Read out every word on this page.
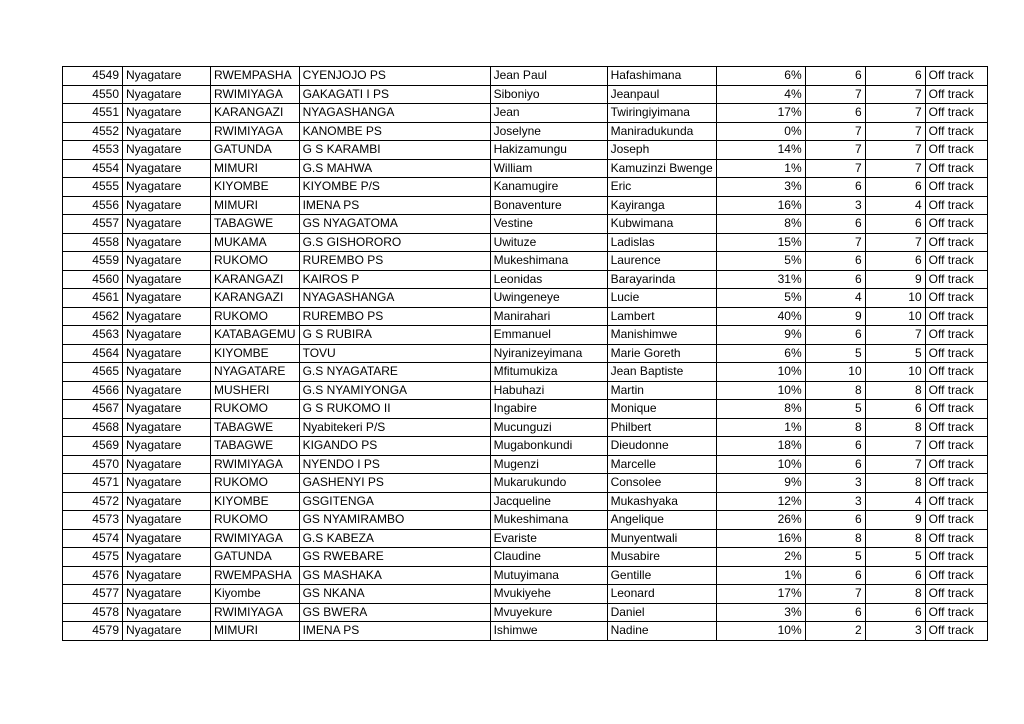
4549	Nyagatare	RWEMPASHA	CYENJOJO PS	Jean Paul	Hafashimana	6%	6	6	Off track
4550	Nyagatare	RWIMIYAGA	GAKAGATI I PS	Siboniyo	Jeanpaul	4%	7	7	Off track
4551	Nyagatare	KARANGAZI	NYAGASHANGA	Jean	Twiringiyimana	17%	6	7	Off track
4552	Nyagatare	RWIMIYAGA	KANOMBE PS	Joselyne	Maniradukunda	0%	7	7	Off track
4553	Nyagatare	GATUNDA	G S KARAMBI	Hakizamungu	Joseph	14%	7	7	Off track
4554	Nyagatare	MIMURI	G.S MAHWA	William	Kamuzinzi Bwenge	1%	7	7	Off track
4555	Nyagatare	KIYOMBE	KIYOMBE P/S	Kanamugire	Eric	3%	6	6	Off track
4556	Nyagatare	MIMURI	IMENA PS	Bonaventure	Kayiranga	16%	3	4	Off track
4557	Nyagatare	TABAGWE	GS NYAGATOMA	Vestine	Kubwimana	8%	6	6	Off track
4558	Nyagatare	MUKAMA	G.S GISHORORO	Uwituze	Ladislas	15%	7	7	Off track
4559	Nyagatare	RUKOMO	RUREMBO PS	Mukeshimana	Laurence	5%	6	6	Off track
4560	Nyagatare	KARANGAZI	KAIROS P	Leonidas	Barayarinda	31%	6	9	Off track
4561	Nyagatare	KARANGAZI	NYAGASHANGA	Uwingeneye	Lucie	5%	4	10	Off track
4562	Nyagatare	RUKOMO	RUREMBO PS	Manirahari	Lambert	40%	9	10	Off track
4563	Nyagatare	KATABAGEMU	G S RUBIRA	Emmanuel	Manishimwe	9%	6	7	Off track
4564	Nyagatare	KIYOMBE	TOVU	Nyiranizeyimana	Marie Goreth	6%	5	5	Off track
4565	Nyagatare	NYAGATARE	G.S NYAGATARE	Mfitumukiza	Jean Baptiste	10%	10	10	Off track
4566	Nyagatare	MUSHERI	G.S NYAMIYONGA	Habuhazi	Martin	10%	8	8	Off track
4567	Nyagatare	RUKOMO	G S RUKOMO II	Ingabire	Monique	8%	5	6	Off track
4568	Nyagatare	TABAGWE	Nyabitekeri P/S	Mucunguzi	Philbert	1%	8	8	Off track
4569	Nyagatare	TABAGWE	KIGANDO PS	Mugabonkundi	Dieudonne	18%	6	7	Off track
4570	Nyagatare	RWIMIYAGA	NYENDO I PS	Mugenzi	Marcelle	10%	6	7	Off track
4571	Nyagatare	RUKOMO	GASHENYI PS	Mukarukundo	Consolee	9%	3	8	Off track
4572	Nyagatare	KIYOMBE	GSGITENGA	Jacqueline	Mukashyaka	12%	3	4	Off track
4573	Nyagatare	RUKOMO	GS NYAMIRAMBO	Mukeshimana	Angelique	26%	6	9	Off track
4574	Nyagatare	RWIMIYAGA	G.S KABEZA	Evariste	Munyentwali	16%	8	8	Off track
4575	Nyagatare	GATUNDA	GS RWEBARE	Claudine	Musabire	2%	5	5	Off track
4576	Nyagatare	RWEMPASHA	GS MASHAKA	Mutuyimana	Gentille	1%	6	6	Off track
4577	Nyagatare	Kiyombe	GS NKANA	Mvukiyehe	Leonard	17%	7	8	Off track
4578	Nyagatare	RWIMIYAGA	GS BWERA	Mvuyekure	Daniel	3%	6	6	Off track
4579	Nyagatare	MIMURI	IMENA PS	Ishimwe	Nadine	10%	2	3	Off track
